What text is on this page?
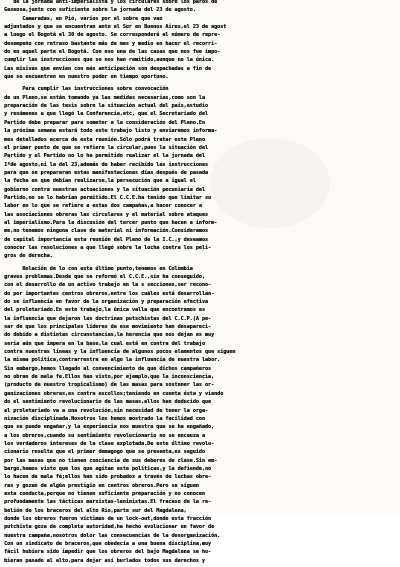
de la jornada anti-imperialista y los circulares sobre los paros de
Gaseosa,junto con suficiente sobre la jornada del 23 de agosto.
Camaradas, en Pió, varios por el sobre que van
adjuntados y que se encuentran ante el Sur en Buenos Aires,el 23 de agost
a luego el Bogotá el 30 de agosto. Se corresponderá al número de repre-
desempeño con retraso bastante más de mes y medio en hacer el recorri-
do en aquel parte el Bogotá. Con eso una de las casas que nos fue impo-
cumplir las instrucciones que se nos han remitido,aunque no la única.
Las misivas que envíen con más anticipación son despachadas a fin de
que se encuentren en nuestro poder en tiempo oportuno.
Para cumplir las instrucciones sobre convocación
de un Pleno,se están tomando ya las medidas necesarias,como son la
preparación de las tesis sobre la situación actual del país,estudio
y resúmenes a que llegó la Conferencia,etc, que el Secretariado del
Partido debe preparar para someter a la consideración del Pleno.En
la próxima semana estará todo este trabajo listo y enviaremos informa-
mes detallados acerca de esta reunión.Sólo podrá tratar este Pleno
el primer punto de que se refiere la circular,pues la situación del
Partido y el Partido no lo ha permitido realizar el la jornada del
1ºde agosto,ni la del 23,además de haber recibido las instrucciones
para que se prepararan estas manifestaciones días después de pasada
la fecha en que debían realizarse,la persecución que a igual el
gobierno contra nuestras actuaciones y la situación pecuniaria del
Partido,no se lo habrían permitido.El C.C.E.ha tenido que limitar su
labor en lo que se refiere a estas dos campañas,a hacer conocer a
las asociaciones obreras las circulares y el material sobre ataques
al imperialismo.Para la discusión del tercer punto que hacen a inform-
me,no tenemos ninguna clase de material ni información.Consideramos
de capital importancia esta reunión del Pleno de la I.C.,y deseamos
conocer las resoluciones a que llegó sobre la lucha contra los peli-
gros de derecha.
Relación de lo con este último punto,tenemos en Colombia
graves problemas.Desde que se reformó el C.C.E.,sin ha conseguido,
con el desarrollo de un activo trabajo en la s secciones,ser recono-
do por importantes centros obreros,entre los cuáles está desarrollan-
do se influencia en favor de la organización y preparación efectiva
del proletariado.En este trabajo,la única valla que encontramos es
la influencia que dejaron las doctrinas putschistas del C.C.P.(A pe-
sar de que los principales líderes de ese movimiento han desapareci-
do debido a distintas circunstancias,la herencia que nos dejan es muy
seria aún que impera en la base,la cual está en contra del trabajo
contra nuestras líneas y la influencia de algunos pocos elementos que siguen
la misma política,contrarrestra en algo la influencia de nuestra labor.
Sin embargo,hemos llegado al convencimiento de que dichos campañeros
no obran de mala fe.Ellos han visto,por ejemplo,que la inconsciencia,
(producto de nuestro tropicalismo) de las masas para sostener las or-
ganizaciones obreras,es contra escollos;teniendo en cuenta ésta y viendo
do el sentimiento revolucionario de las masas,ellos han deducido que
el proletariado va a una revolución,sin necesidad de tener la orga-
nización disciplinada.Nosotros les hemos mostrado la facilidad con
que se puede engañar,y la experiencia nos muestra que se ha engañado,
a los obreros,cuando su sentimiento revolucionario no se encauza a
los verdaderos intereses de la clase explotada.De este último revolu-
cionario resulta que el primer demagogo que se presenta,es seguido
por las masas que no tienen conciencia de sus deberes de clase.Sin em-
bargo,hemos visto que los que agitan este políticas,y la defiende,no
lo hacen de mala fé;ellos han sido probados a través de luchas obre-
ras y gozan de algún prestigio en centros obreros.Pero se siguen
esta conducta,porque no tienen suficiente preparación y no conocen
profundamente las tácticas marxistas-leninistas.El fracaso de la re-
belión de los braceros del alto Rio,parte sur del Magdalena,
donde los obreros fueron víctimas de un lock-out,donde esta fracción
putchista goza de completa autoridad,ha hecho evolucionar en favor de
nuestra campaña,nosotros dolor las consecuencias de la desorganización.
Con un sindicato de braceros,que obedecía a una buena disciplina,muy
fácil hubiera sido impedir que los obreros del bajo Magdalena se hu-
bieran pasado al alto,para dejar así burlados todos sus derechos y
